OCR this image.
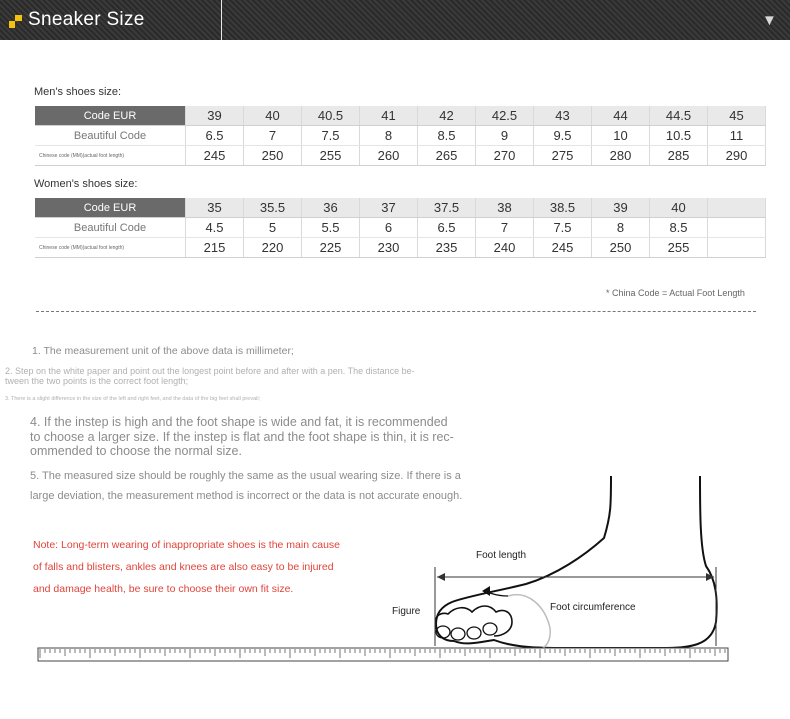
Sneaker Size	▼
Men's shoes size:
Code EUR	39	40	40.5	41	42	42.5	43	44	44.5	45
Beautiful Code	6.5	7	7.5	8	8.5	9	9.5	10	10.5	11
Chinese code (MM)(actual foot length)	245	250	255	260	265	270	275	280	285	290
Women's shoes size:
Code EUR	35	35.5	36	37	37.5	38	38.5	39	40	
Beautiful Code	4.5	5	5.5	6	6.5	7	7.5	8	8.5	
Chinese code (MM)(actual foot length)	215	220	225	230	235	240	245	250	255	
* China Code = Actual Foot Length
1. The measurement unit of the above data is millimeter;
2. Step on the white paper and point out the longest point before and after with a pen. The distance be-
tween the two points is the correct foot length;
3. There is a slight difference in the size of the left and right feet, and the data of the big feet shall prevail;
4. If the instep is high and the foot shape is wide and fat, it is recommended
to choose a larger size. If the instep is flat and the foot shape is thin, it is rec-
ommended to choose the normal size.
5. The measured size should be roughly the same as the usual wearing size. If there is a
large deviation, the measurement method is incorrect or the data is not accurate enough.
Note: Long-term wearing of inappropriate shoes is the main cause
of falls and blisters, ankles and knees are also easy to be injured
and damage health, be sure to choose their own fit size.
Foot length
Figure	Foot circumference
